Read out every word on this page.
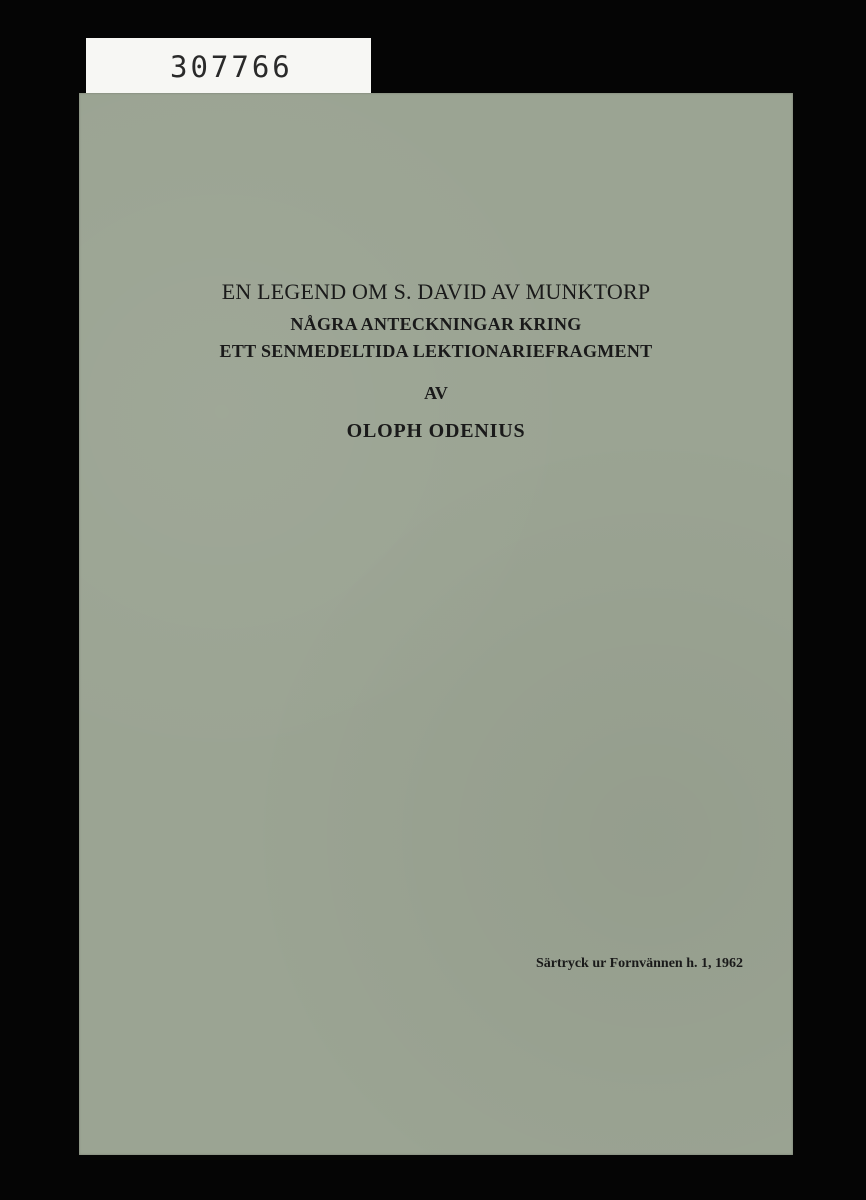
307766
EN LEGEND OM S. DAVID AV MUNKTORP
NÅGRA ANTECKNINGAR KRING
ETT SENMEDELTIDA LEKTIONARIEFRAGMENT
AV
OLOPH ODENIUS
Särtryck ur Fornvännen h. 1, 1962
